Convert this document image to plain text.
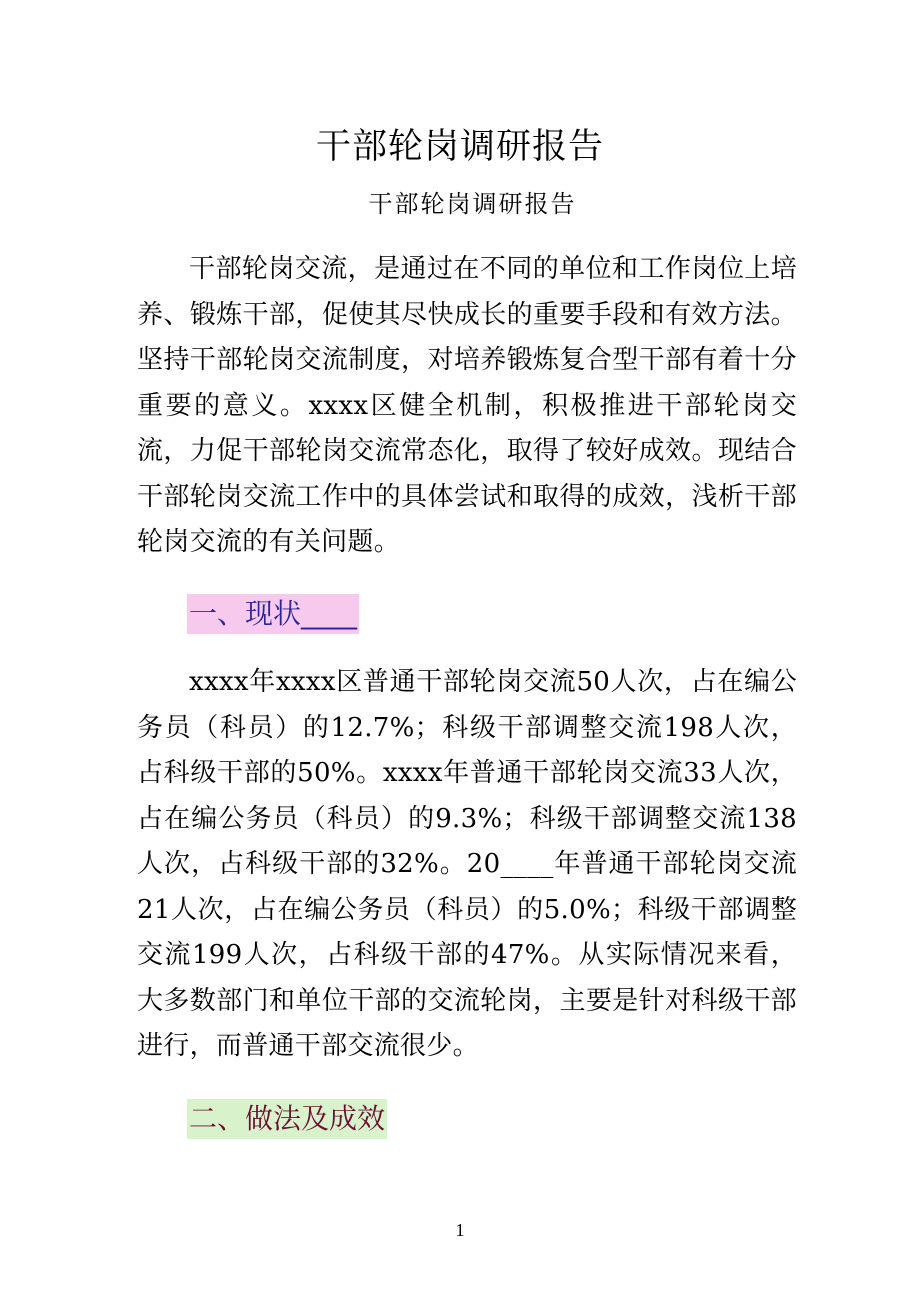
干部轮岗调研报告
干部轮岗调研报告

干部轮岗交流，是通过在不同的单位和工作岗位上培养、锻炼干部，促使其尽快成长的重要手段和有效方法。坚持干部轮岗交流制度，对培养锻炼复合型干部有着十分重要的意义。xxxx区健全机制，积极推进干部轮岗交流，力促干部轮岗交流常态化，取得了较好成效。现结合干部轮岗交流工作中的具体尝试和取得的成效，浅析干部轮岗交流的有关问题。

一、现状____

xxxx年xxxx区普通干部轮岗交流50人次，占在编公务员（科员）的12.7%；科级干部调整交流198人次，占科级干部的50%。xxxx年普通干部轮岗交流33人次，占在编公务员（科员）的9.3%；科级干部调整交流138人次，占科级干部的32%。20____年普通干部轮岗交流21人次，占在编公务员（科员）的5.0%；科级干部调整交流199人次，占科级干部的47%。从实际情况来看，大多数部门和单位干部的交流轮岗，主要是针对科级干部进行，而普通干部交流很少。

二、做法及成效
1
